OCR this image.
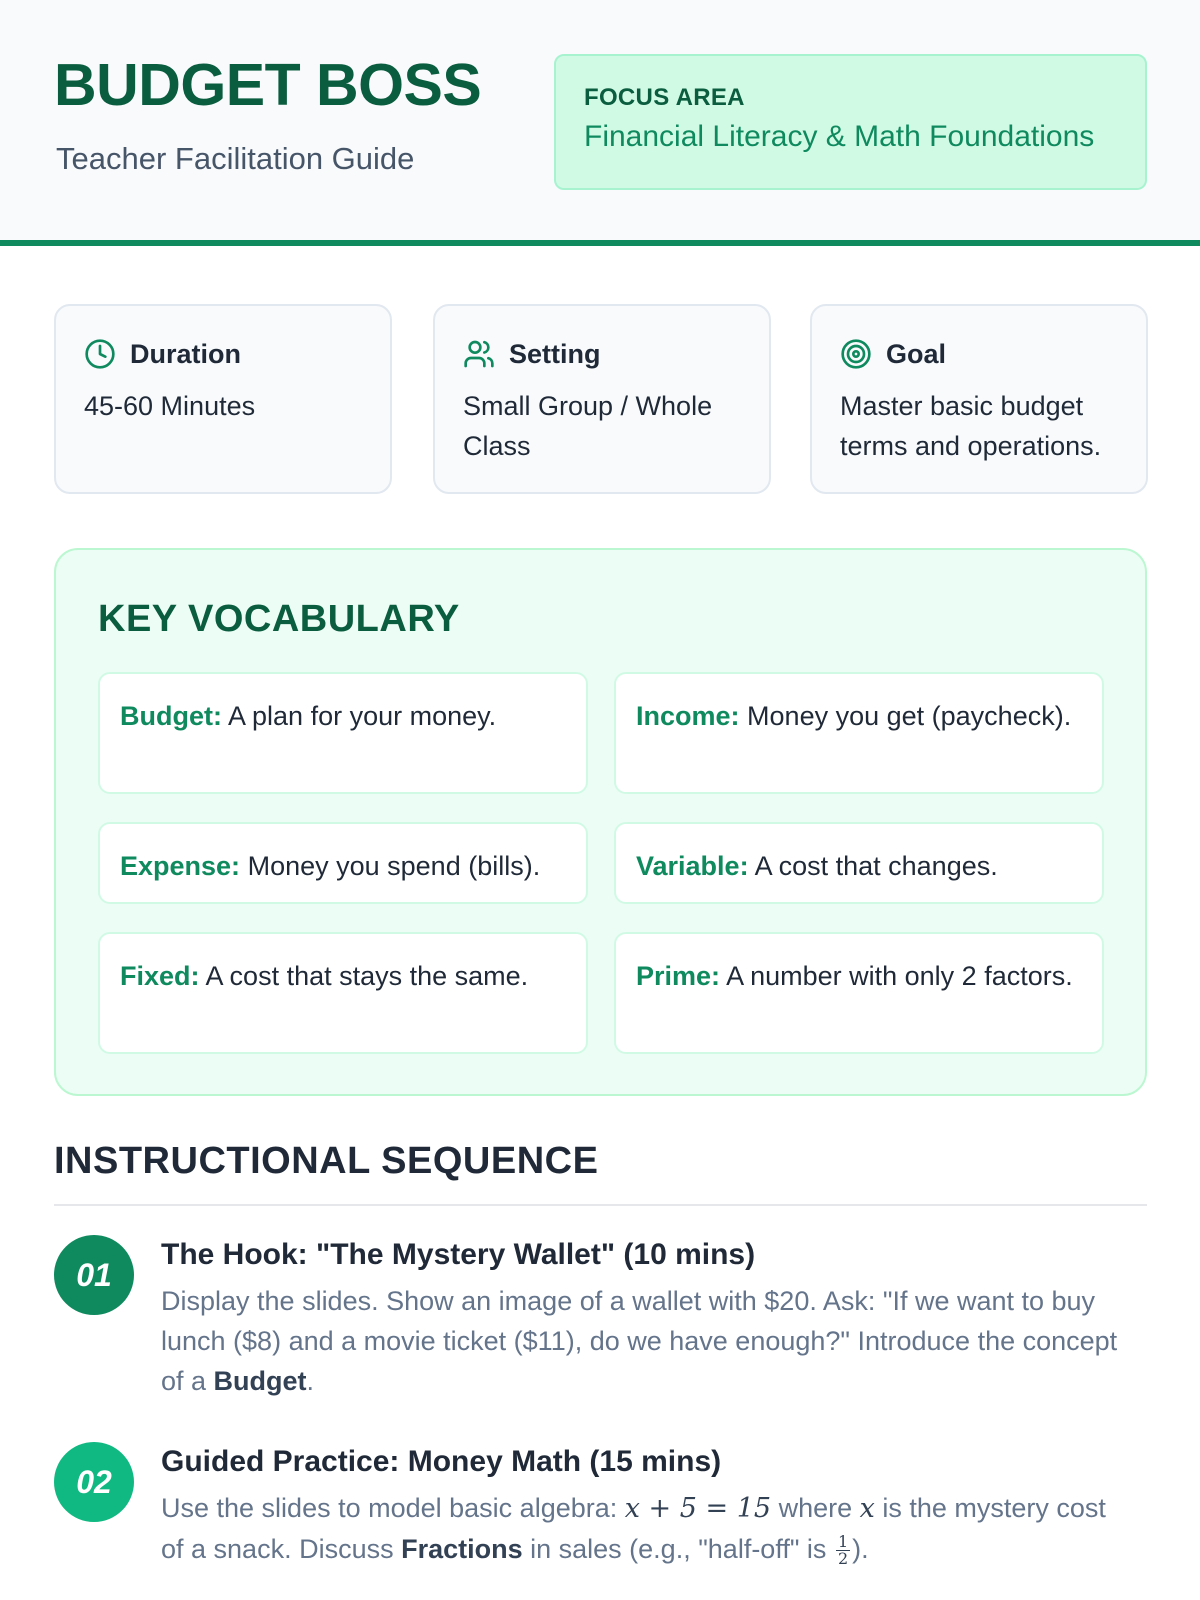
BUDGET BOSS
Teacher Facilitation Guide
FOCUS AREA
Financial Literacy & Math Foundations
Duration
45-60 Minutes
Setting
Small Group / Whole Class
Goal
Master basic budget terms and operations.
KEY VOCABULARY
Budget: A plan for your money.	Income: Money you get (paycheck).
Expense: Money you spend (bills).	Variable: A cost that changes.
Fixed: A cost that stays the same.	Prime: A number with only 2 factors.
INSTRUCTIONAL SEQUENCE
01
The Hook: "The Mystery Wallet" (10 mins)
Display the slides. Show an image of a wallet with $20. Ask: "If we want to buy lunch ($8) and a movie ticket ($11), do we have enough?" Introduce the concept of a Budget.
02
Guided Practice: Money Math (15 mins)
Use the slides to model basic algebra: x + 5 = 15 where x is the mystery cost of a snack. Discuss Fractions in sales (e.g., "half-off" is $\frac{1}{2}$ ).
